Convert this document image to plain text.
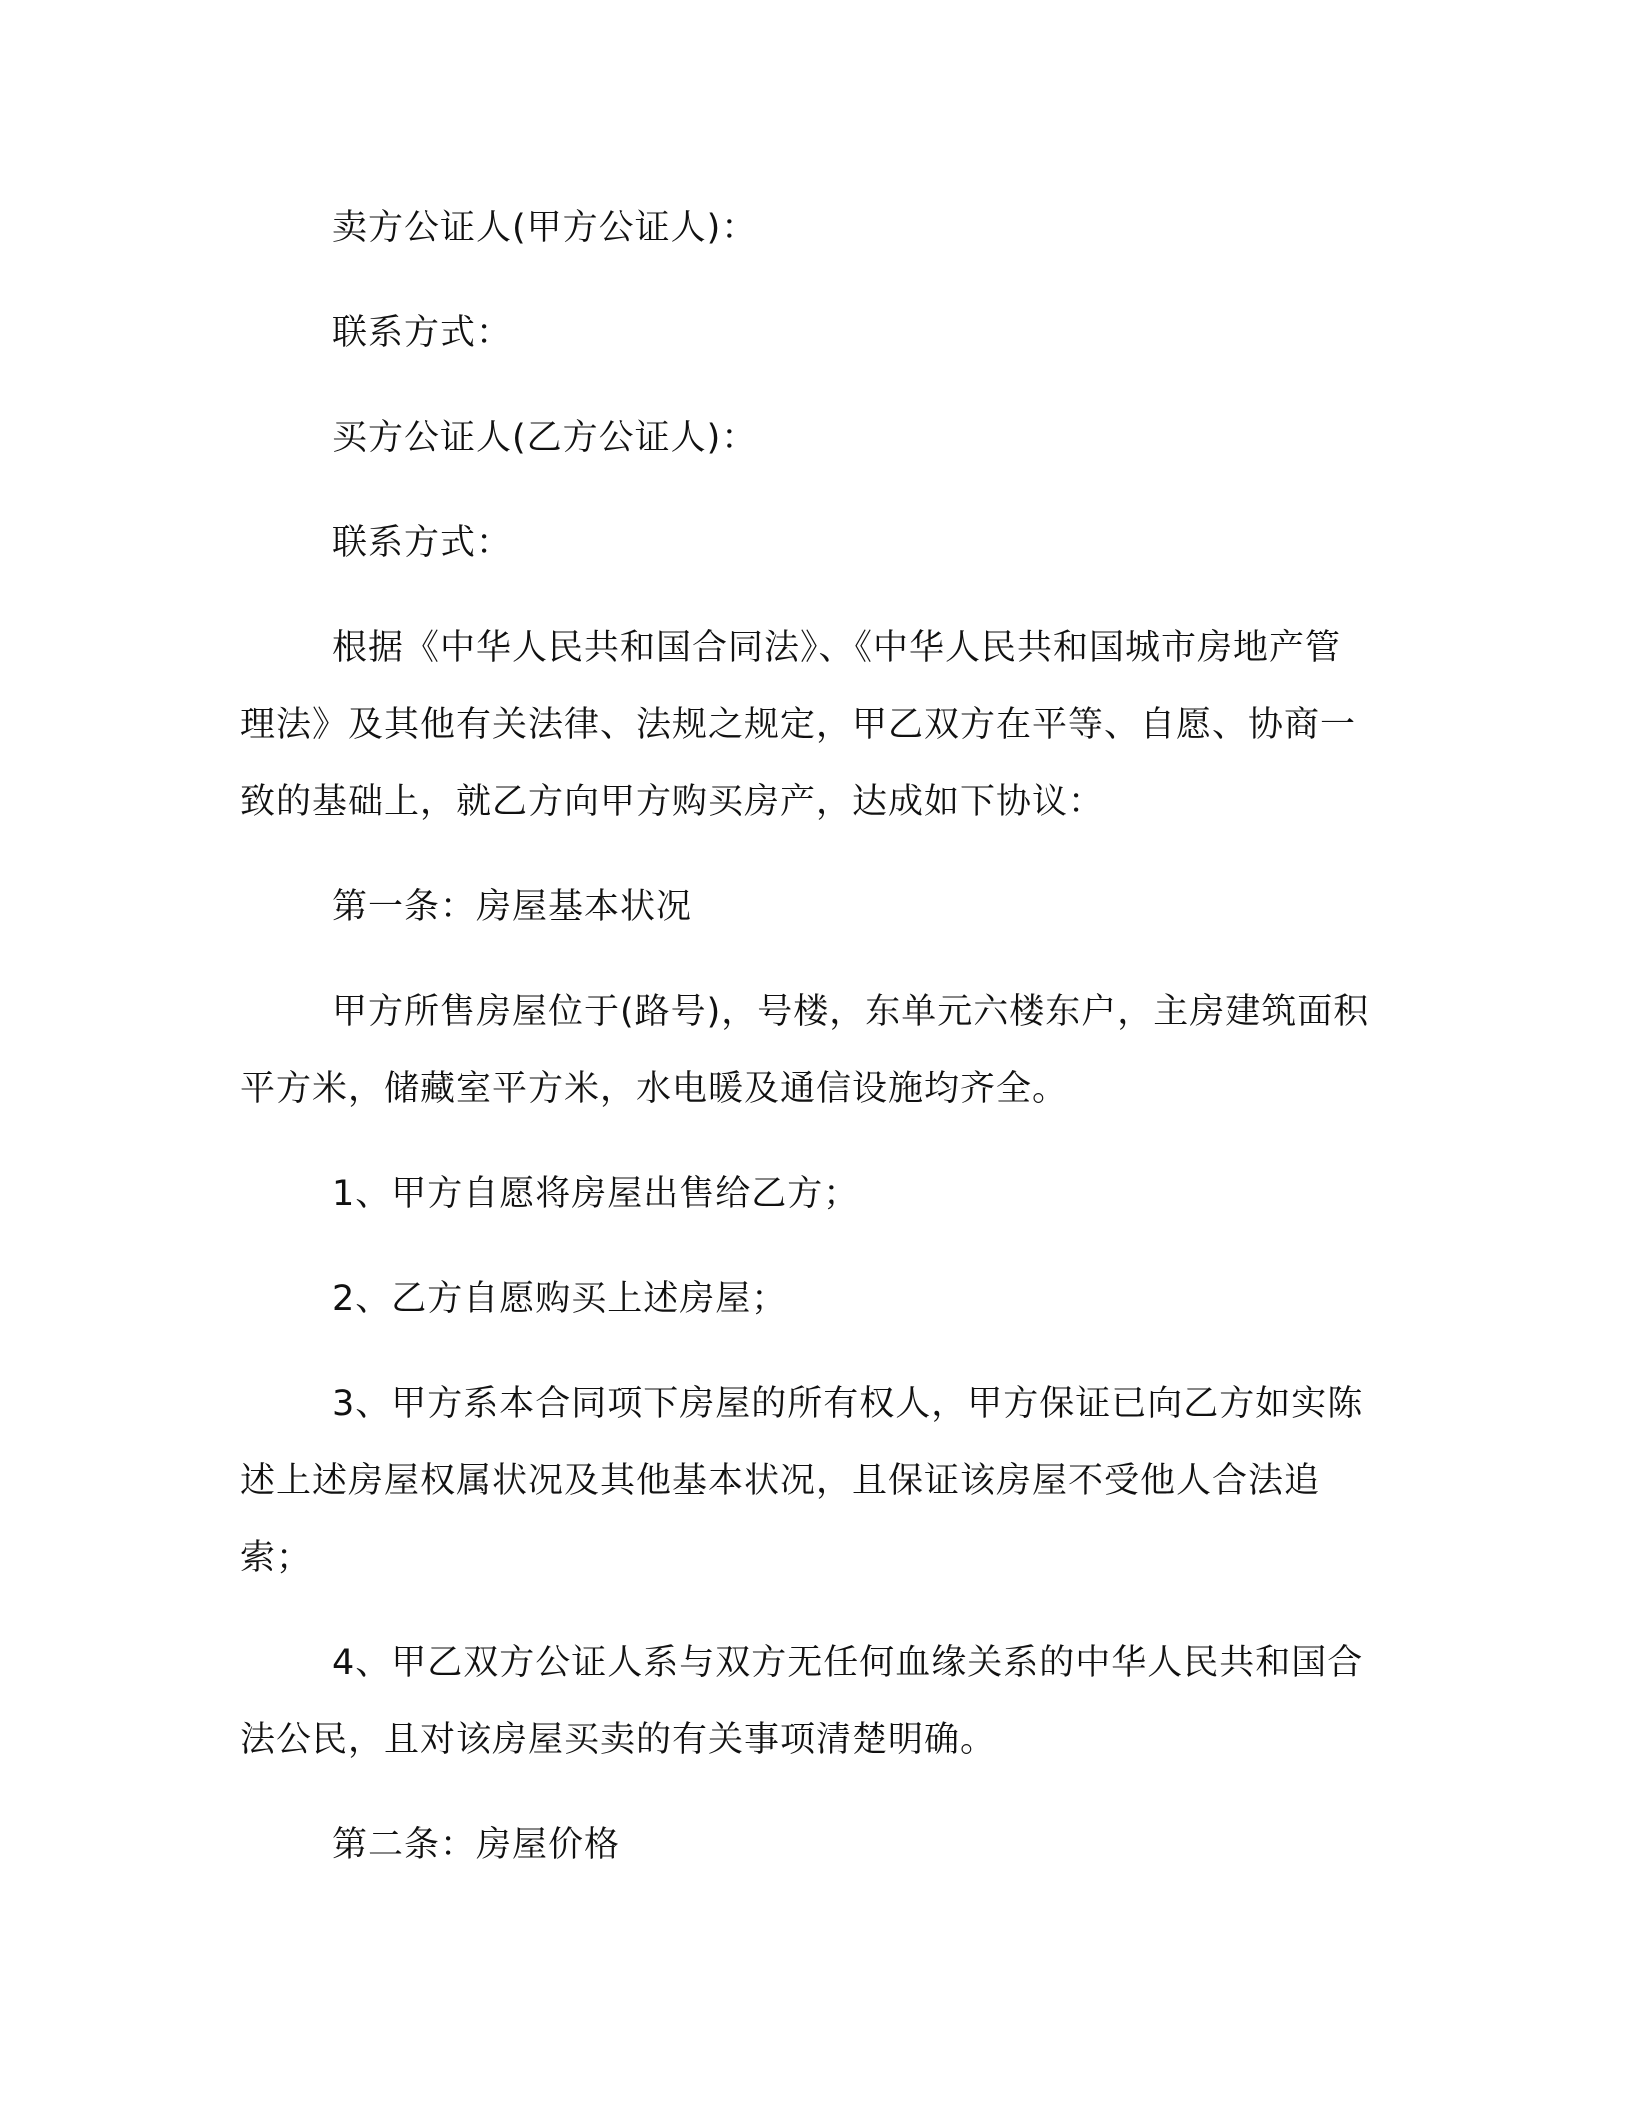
卖方公证人(甲方公证人)：

联系方式：

买方公证人(乙方公证人)：

联系方式：

根据《中华人民共和国合同法》、《中华人民共和国城市房地产管理法》及其他有关法律、法规之规定，甲乙双方在平等、自愿、协商一致的基础上，就乙方向甲方购买房产，达成如下协议：

第一条：房屋基本状况

甲方所售房屋位于(路号)，号楼，东单元六楼东户，主房建筑面积平方米，储藏室平方米，水电暖及通信设施均齐全。

1、甲方自愿将房屋出售给乙方；

2、乙方自愿购买上述房屋；

3、甲方系本合同项下房屋的所有权人，甲方保证已向乙方如实陈述上述房屋权属状况及其他基本状况，且保证该房屋不受他人合法追索；

4、甲乙双方公证人系与双方无任何血缘关系的中华人民共和国合法公民，且对该房屋买卖的有关事项清楚明确。

第二条：房屋价格
